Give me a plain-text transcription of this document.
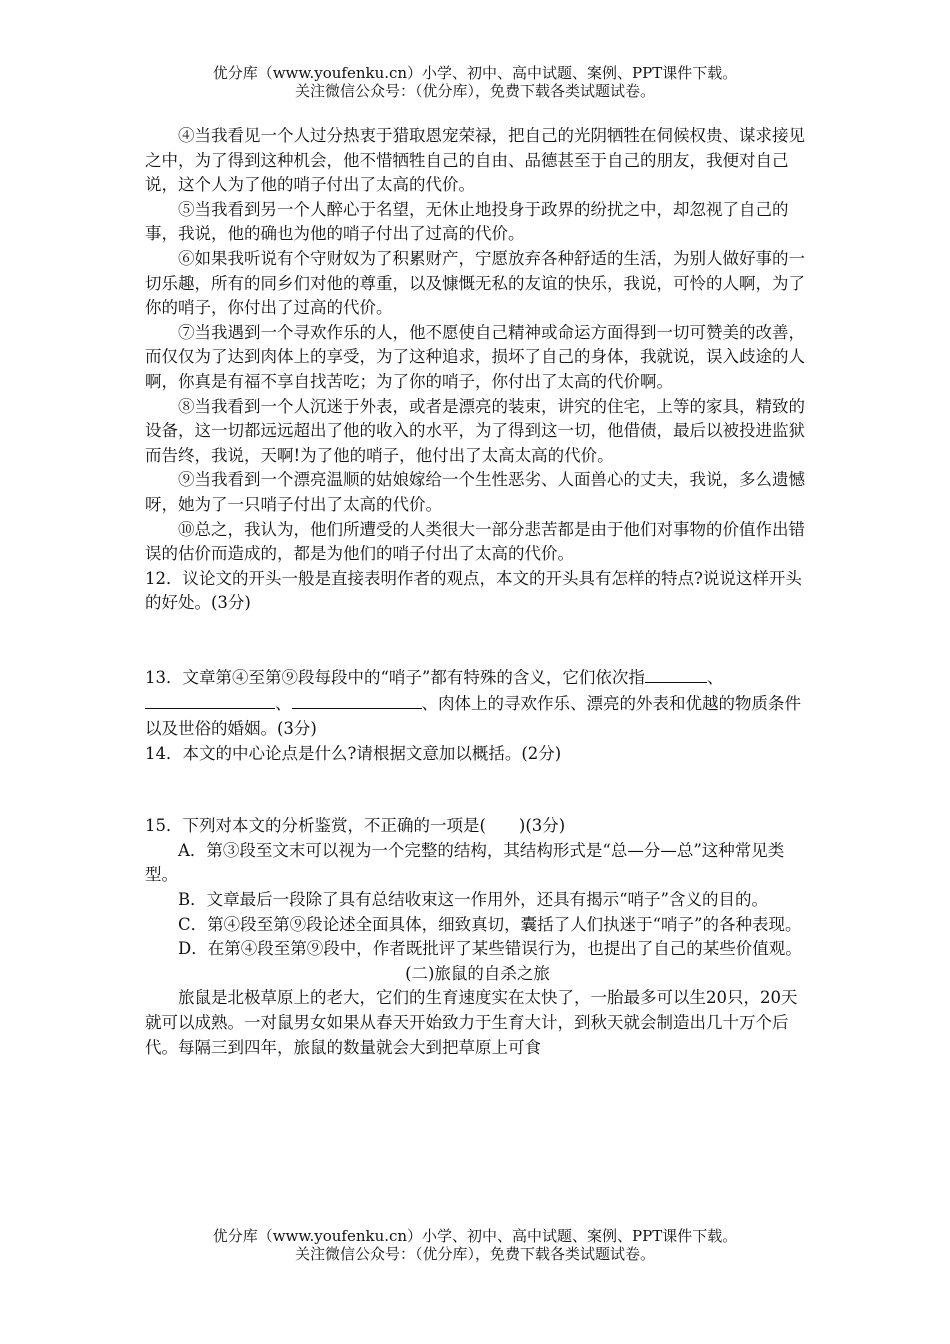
优分库（www.youfenku.cn）小学、初中、高中试题、案例、PPT课件下载。
关注微信公众号：（优分库），免费下载各类试题试卷。

④当我看见一个人过分热衷于猎取恩宠荣禄，把自己的光阴牺牲在伺候权贵、谋求接见之中，为了得到这种机会，他不惜牺牲自己的自由、品德甚至于自己的朋友，我便对自己说，这个人为了他的哨子付出了太高的代价。

⑤当我看到另一个人醉心于名望，无休止地投身于政界的纷扰之中，却忽视了自己的事，我说，他的确也为他的哨子付出了过高的代价。

⑥如果我听说有个守财奴为了积累财产，宁愿放弃各种舒适的生活，为别人做好事的一切乐趣，所有的同乡们对他的尊重，以及慷慨无私的友谊的快乐，我说，可怜的人啊，为了你的哨子，你付出了过高的代价。

⑦当我遇到一个寻欢作乐的人，他不愿使自己精神或命运方面得到一切可赞美的改善，而仅仅为了达到肉体上的享受，为了这种追求，损坏了自己的身体，我就说，误入歧途的人啊，你真是有福不享自找苦吃；为了你的哨子，你付出了太高的代价啊。

⑧当我看到一个人沉迷于外表，或者是漂亮的装束，讲究的住宅，上等的家具，精致的设备，这一切都远远超出了他的收入的水平，为了得到这一切，他借债，最后以被投进监狱而告终，我说，天啊!为了他的哨子，他付出了太高太高的代价。

⑨当我看到一个漂亮温顺的姑娘嫁给一个生性恶劣、人面兽心的丈夫，我说，多么遗憾呀，她为了一只哨子付出了太高的代价。

⑩总之，我认为，他们所遭受的人类很大一部分悲苦都是由于他们对事物的价值作出错误的估价而造成的，都是为他们的哨子付出了太高的代价。

12．议论文的开头一般是直接表明作者的观点，本文的开头具有怎样的特点?说说这样开头的好处。(3分)

13．文章第④至第⑨段每段中的“哨子”都有特殊的含义，它们依次指	、、	、肉体上的寻欢作乐、漂亮的外表和优越的物质条件以及世俗的婚姻。(3分)

14．本文的中心论点是什么?请根据文意加以概括。(2分)

15．下列对本文的分析鉴赏，不正确的一项是(　　)(3分)

A．第③段至文末可以视为一个完整的结构，其结构形式是“总—分—总”这种常见类型。

B．文章最后一段除了具有总结收束这一作用外，还具有揭示“哨子”含义的目的。

C．第④段至第⑨段论述全面具体，细致真切，囊括了人们执迷于“哨子”的各种表现。

D．在第④段至第⑨段中，作者既批评了某些错误行为，也提出了自己的某些价值观。

(二)旅鼠的自杀之旅

旅鼠是北极草原上的老大，它们的生育速度实在太快了，一胎最多可以生20只，20天就可以成熟。一对鼠男女如果从春天开始致力于生育大计，到秋天就会制造出几十万个后代。每隔三到四年，旅鼠的数量就会大到把草原上可食

优分库（www.youfenku.cn）小学、初中、高中试题、案例、PPT课件下载。
关注微信公众号：（优分库），免费下载各类试题试卷。
